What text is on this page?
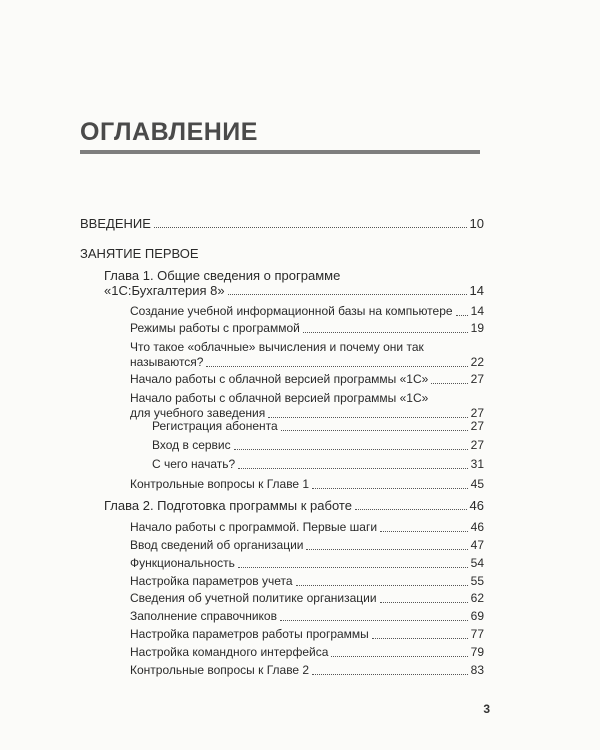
ОГЛАВЛЕНИЕ
ВВЕДЕНИЕ	10
ЗАНЯТИЕ ПЕРВОЕ
Глава 1. Общие сведения о программе
«1С:Бухгалтерия 8»	14
Создание учебной информационной базы на компьютере 14
Режимы работы с программой	19
Что такое «облачные» вычисления и почему они так
называются?	22
Начало работы с облачной версией программы «1С»	27
Начало работы с облачной версией программы «1С»
для учебного заведения	27
Регистрация абонента	27
Вход в сервис	27
С чего начать?	31
Контрольные вопросы к Главе 1	45
Глава 2. Подготовка программы к работе	46
Начало работы с программой. Первые шаги	46
Ввод сведений об организации	47
Функциональность	54
Настройка параметров учета	55
Сведения об учетной политике организации	62
Заполнение справочников	69
Настройка параметров работы программы	77
Настройка командного интерфейса	79
Контрольные вопросы к Главе 2	83
3
